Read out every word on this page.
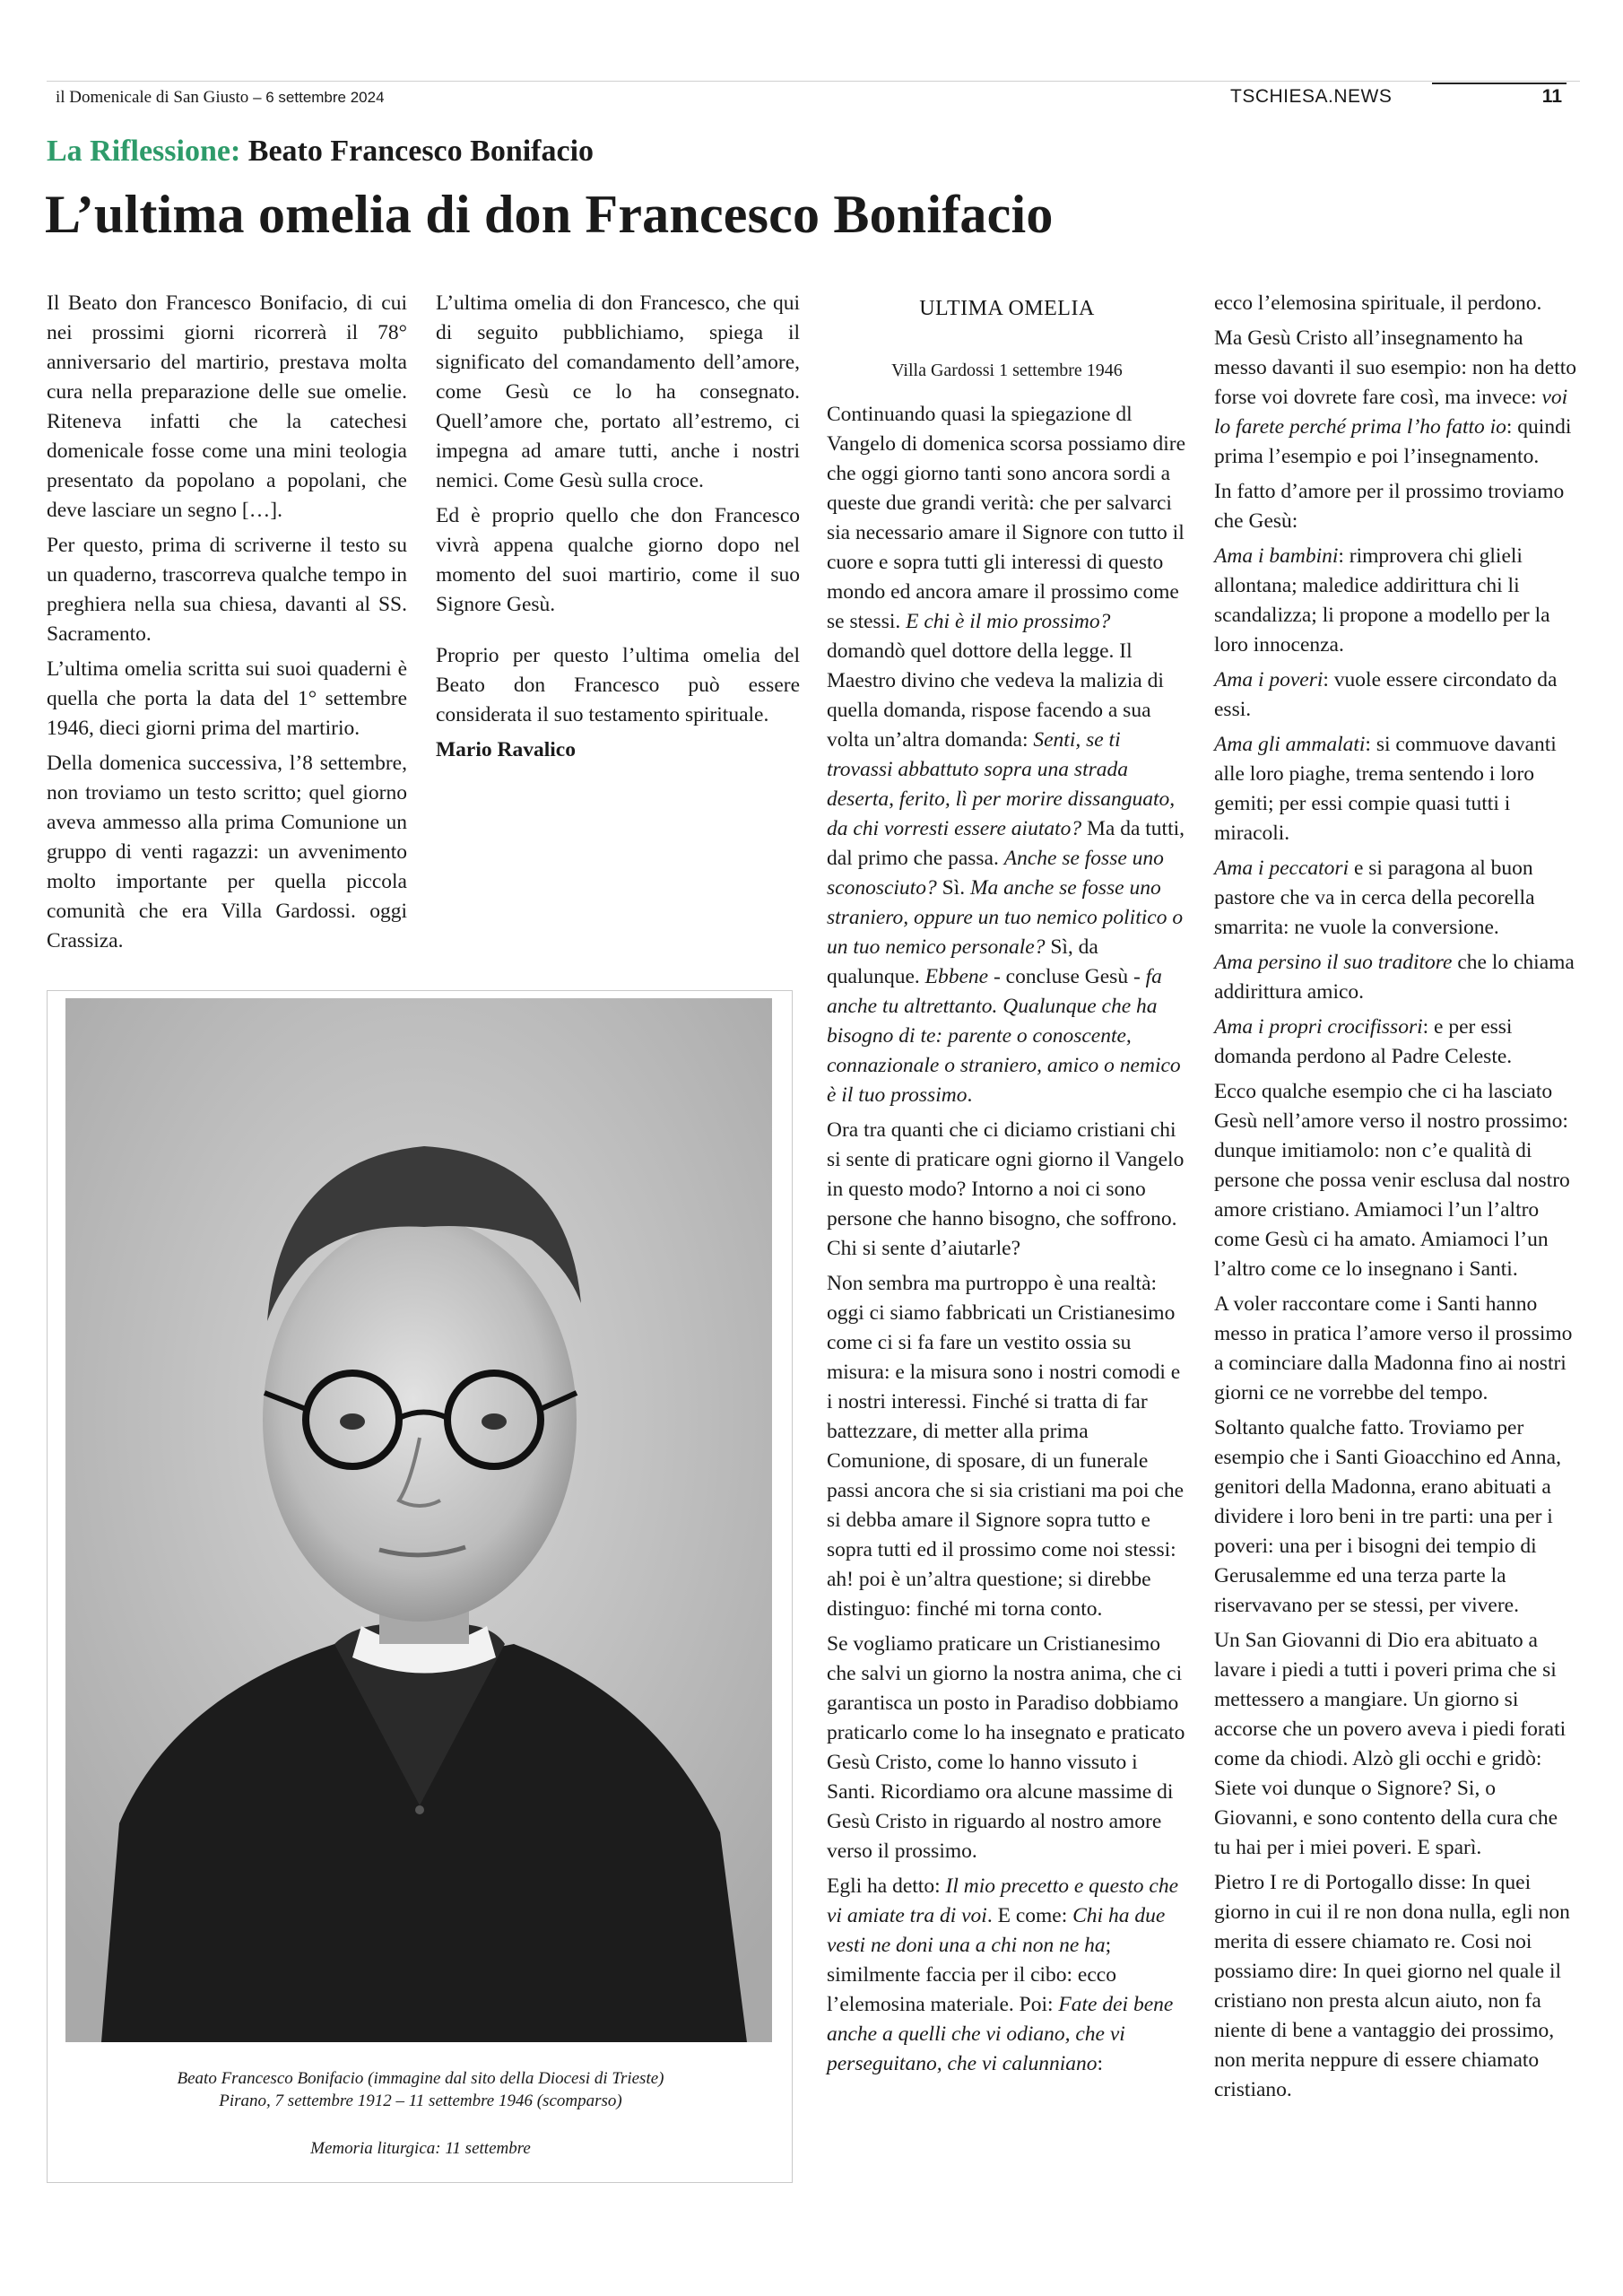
il Domenicale di San Giusto – 6 settembre 2024	TSCHIESA.NEWS	11
La Riflessione: Beato Francesco Bonifacio
L’ultima omelia di don Francesco Bonifacio

Il Beato don Francesco Bonifacio, di cui nei prossimi giorni ricorrerà il 78° anniversario del martirio, prestava molta cura nella preparazione delle sue omelie. Riteneva infatti che la catechesi domenicale fosse come una mini teologia presentato da popolano a popolani, che deve lasciare un segno […].

Per questo, prima di scriverne il testo su un quaderno, trascorreva qualche tempo in preghiera nella sua chiesa, davanti al SS. Sacramento.

L’ultima omelia scritta sui suoi quaderni è quella che porta la data del 1° settembre 1946, dieci giorni prima del martirio.

Della domenica successiva, l’8 settembre, non troviamo un testo scritto; quel giorno aveva ammesso alla prima Comunione un gruppo di venti ragazzi: un avvenimento molto importante per quella piccola comunità che era Villa Gardossi. oggi Crassiza.

L’ultima omelia di don Francesco, che qui di seguito pubblichiamo, spiega il significato del comandamento dell’amore, come Gesù ce lo ha consegnato. Quell’amore che, portato all’estremo, ci impegna ad amare tutti, anche i nostri nemici. Come Gesù sulla croce.

Ed è proprio quello che don Francesco vivrà appena qualche giorno dopo nel momento del suoi martirio, come il suo Signore Gesù.

Proprio per questo l’ultima omelia del Beato don Francesco può essere considerata il suo testamento spirituale.

Mario Ravalico

Beato Francesco Bonifacio (immagine dal sito della Diocesi di Trieste)
Pirano, 7 settembre 1912 – 11 settembre 1946 (scomparso)
Memoria liturgica: 11 settembre
ULTIMA OMELIA
Villa Gardossi 1 settembre 1946

Continuando quasi la spiegazione dl Vangelo di domenica scorsa possiamo dire che oggi giorno tanti sono ancora sordi a queste due grandi verità: che per salvarci sia necessario amare il Signore con tutto il cuore e sopra tutti gli interessi di questo mondo ed ancora amare il prossimo come se stessi. E chi è il mio prossimo? domandò quel dottore della legge. Il Maestro divino che vedeva la malizia di quella domanda, rispose facendo a sua volta un’altra domanda: Senti, se ti trovassi abbattuto sopra una strada deserta, ferito, lì per morire dissanguato, da chi vorresti essere aiutato? Ma da tutti, dal primo che passa. Anche se fosse uno sconosciuto? Sì. Ma anche se fosse uno straniero, oppure un tuo nemico politico o un tuo nemico personale? Sì, da qualunque. Ebbene - concluse Gesù - fa anche tu altrettanto. Qualunque che ha bisogno di te: parente o conoscente, connazionale o straniero, amico o nemico è il tuo prossimo.

Ora tra quanti che ci diciamo cristiani chi si sente di praticare ogni giorno il Vangelo in questo modo? Intorno a noi ci sono persone che hanno bisogno, che soffrono. Chi si sente d’aiutarle?

Non sembra ma purtroppo è una realtà: oggi ci siamo fabbricati un Cristianesimo come ci si fa fare un vestito ossia su misura: e la misura sono i nostri comodi e i nostri interessi. Finché si tratta di far battezzare, di metter alla prima Comunione, di sposare, di un funerale passi ancora che si sia cristiani ma poi che si debba amare il Signore sopra tutto e sopra tutti ed il prossimo come noi stessi: ah! poi è un’altra questione; si direbbe distinguo: finché mi torna conto.

Se vogliamo praticare un Cristianesimo che salvi un giorno la nostra anima, che ci garantisca un posto in Paradiso dobbiamo praticarlo come lo ha insegnato e praticato Gesù Cristo, come lo hanno vissuto i Santi. Ricordiamo ora alcune massime di Gesù Cristo in riguardo al nostro amore verso il prossimo.

Egli ha detto: Il mio precetto e questo che vi amiate tra di voi. E come: Chi ha due vesti ne doni una a chi non ne ha; similmente faccia per il cibo: ecco l’elemosina materiale. Poi: Fate dei bene anche a quelli che vi odiano, che vi perseguitano, che vi calunniano:

ecco l’elemosina spirituale, il perdono.

Ma Gesù Cristo all’insegnamento ha messo davanti il suo esempio: non ha detto forse voi dovrete fare così, ma invece: voi lo farete perché prima l’ho fatto io: quindi prima l’esempio e poi l’insegnamento.

In fatto d’amore per il prossimo troviamo che Gesù:

Ama i bambini: rimprovera chi glieli allontana; maledice addirittura chi li scandalizza; li propone a modello per la loro innocenza.

Ama i poveri: vuole essere circondato da essi.

Ama gli ammalati: si commuove davanti alle loro piaghe, trema sentendo i loro gemiti; per essi compie quasi tutti i miracoli.

Ama i peccatori e si paragona al buon pastore che va in cerca della pecorella smarrita: ne vuole la conversione.

Ama persino il suo traditore che lo chiama addirittura amico.

Ama i propri crocifissori: e per essi domanda perdono al Padre Celeste.

Ecco qualche esempio che ci ha lasciato Gesù nell’amore verso il nostro prossimo: dunque imitiamolo: non c’e qualità di persone che possa venir esclusa dal nostro amore cristiano. Amiamoci l’un l’altro come Gesù ci ha amato. Amiamoci l’un l’altro come ce lo insegnano i Santi.

A voler raccontare come i Santi hanno messo in pratica l’amore verso il prossimo a cominciare dalla Madonna fino ai nostri giorni ce ne vorrebbe del tempo.

Soltanto qualche fatto. Troviamo per esempio che i Santi Gioacchino ed Anna, genitori della Madonna, erano abituati a dividere i loro beni in tre parti: una per i poveri: una per i bisogni dei tempio di Gerusalemme ed una terza parte la riservavano per se stessi, per vivere.

Un San Giovanni di Dio era abituato a lavare i piedi a tutti i poveri prima che si mettessero a mangiare. Un giorno si accorse che un povero aveva i piedi forati come da chiodi. Alzò gli occhi e gridò: Siete voi dunque o Signore? Si, o Giovanni, e sono contento della cura che tu hai per i miei poveri. E sparì.

Pietro I re di Portogallo disse: In quei giorno in cui il re non dona nulla, egli non merita di essere chiamato re. Cosi noi possiamo dire: In quei giorno nel quale il cristiano non presta alcun aiuto, non fa niente di bene a vantaggio dei prossimo, non merita neppure di essere chiamato cristiano.
